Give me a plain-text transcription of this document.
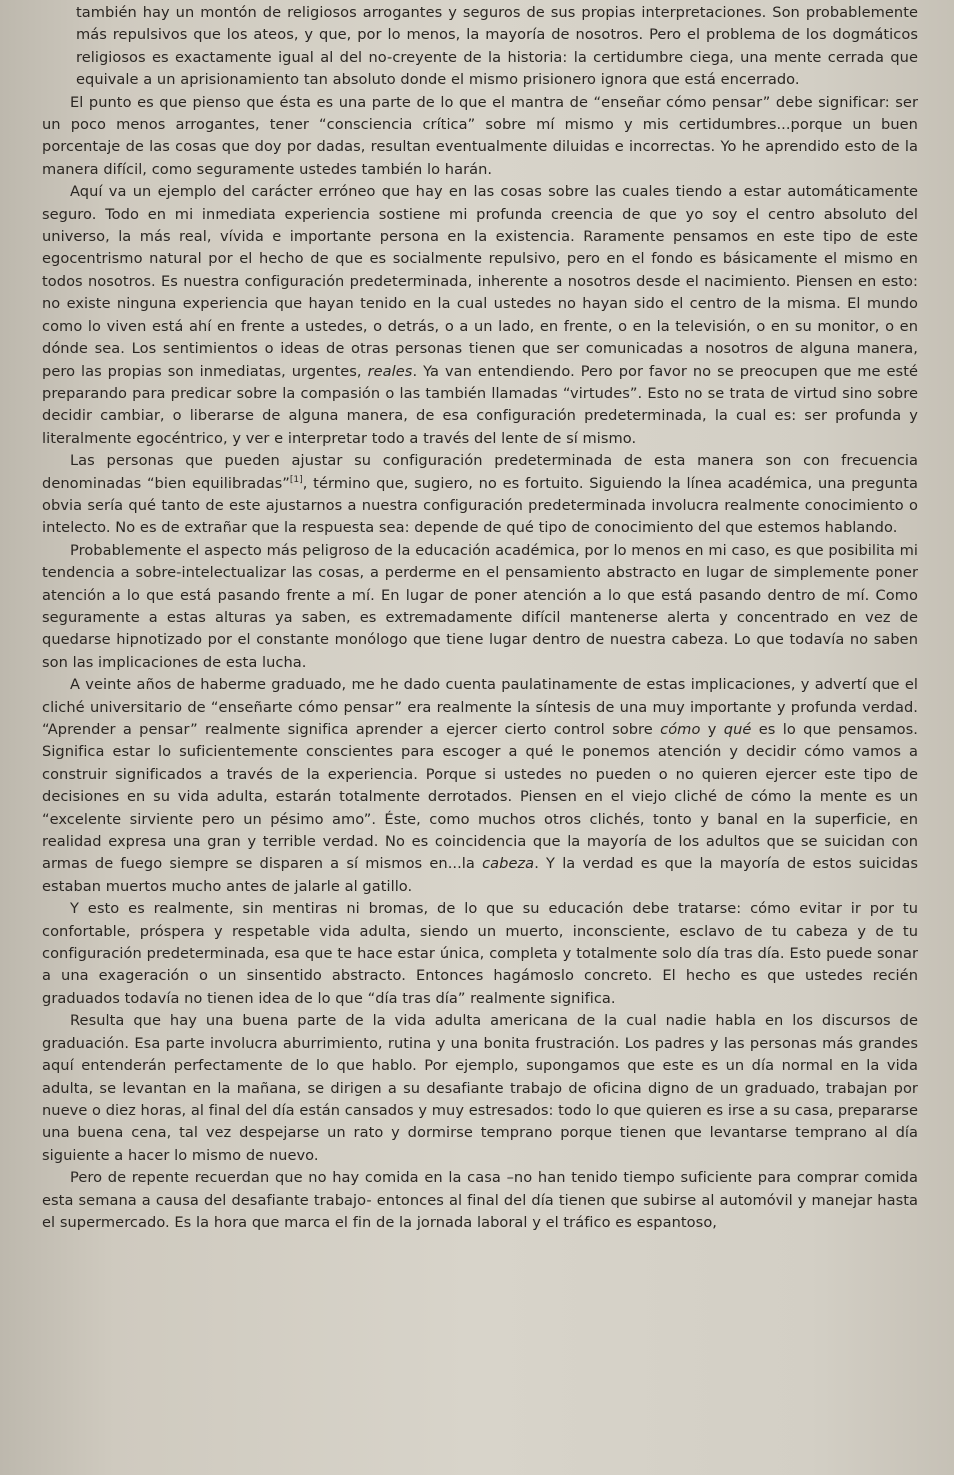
también hay un montón de religiosos arrogantes y seguros de sus propias interpretaciones. Son probablemente más repulsivos que los ateos, y que, por lo menos, la mayoría de nosotros. Pero el problema de los dogmáticos religiosos es exactamente igual al del no-creyente de la historia: la certidumbre ciega, una mente cerrada que equivale a un aprisionamiento tan absoluto donde el mismo prisionero ignora que está encerrado.

El punto es que pienso que ésta es una parte de lo que el mantra de “enseñar cómo pensar” debe significar: ser un poco menos arrogantes, tener “consciencia crítica” sobre mí mismo y mis certidumbres...porque un buen porcentaje de las cosas que doy por dadas, resultan eventualmente diluidas e incorrectas. Yo he aprendido esto de la manera difícil, como seguramente ustedes también lo harán.

Aquí va un ejemplo del carácter erróneo que hay en las cosas sobre las cuales tiendo a estar automáticamente seguro. Todo en mi inmediata experiencia sostiene mi profunda creencia de que yo soy el centro absoluto del universo, la más real, vívida e importante persona en la existencia. Raramente pensamos en este tipo de este egocentrismo natural por el hecho de que es socialmente repulsivo, pero en el fondo es básicamente el mismo en todos nosotros. Es nuestra configuración predeterminada, inherente a nosotros desde el nacimiento. Piensen en esto: no existe ninguna experiencia que hayan tenido en la cual ustedes no hayan sido el centro de la misma. El mundo como lo viven está ahí en frente a ustedes, o detrás, o a un lado, en frente, o en la televisión, o en su monitor, o en dónde sea. Los sentimientos o ideas de otras personas tienen que ser comunicadas a nosotros de alguna manera, pero las propias son inmediatas, urgentes, reales. Ya van entendiendo. Pero por favor no se preocupen que me esté preparando para predicar sobre la compasión o las también llamadas “virtudes”. Esto no se trata de virtud sino sobre decidir cambiar, o liberarse de alguna manera, de esa configuración predeterminada, la cual es: ser profunda y literalmente egocéntrico, y ver e interpretar todo a través del lente de sí mismo.

Las personas que pueden ajustar su configuración predeterminada de esta manera son con frecuencia denominadas “bien equilibradas”[1], término que, sugiero, no es fortuito. Siguiendo la línea académica, una pregunta obvia sería qué tanto de este ajustarnos a nuestra configuración predeterminada involucra realmente conocimiento o intelecto. No es de extrañar que la respuesta sea: depende de qué tipo de conocimiento del que estemos hablando.

Probablemente el aspecto más peligroso de la educación académica, por lo menos en mi caso, es que posibilita mi tendencia a sobre-intelectualizar las cosas, a perderme en el pensamiento abstracto en lugar de simplemente poner atención a lo que está pasando frente a mí. En lugar de poner atención a lo que está pasando dentro de mí. Como seguramente a estas alturas ya saben, es extremadamente difícil mantenerse alerta y concentrado en vez de quedarse hipnotizado por el constante monólogo que tiene lugar dentro de nuestra cabeza. Lo que todavía no saben son las implicaciones de esta lucha.

A veinte años de haberme graduado, me he dado cuenta paulatinamente de estas implicaciones, y advertí que el cliché universitario de “enseñarte cómo pensar” era realmente la síntesis de una muy importante y profunda verdad. “Aprender a pensar” realmente significa aprender a ejercer cierto control sobre cómo y qué es lo que pensamos. Significa estar lo suficientemente conscientes para escoger a qué le ponemos atención y decidir cómo vamos a construir significados a través de la experiencia. Porque si ustedes no pueden o no quieren ejercer este tipo de decisiones en su vida adulta, estarán totalmente derrotados. Piensen en el viejo cliché de cómo la mente es un “excelente sirviente pero un pésimo amo”. Éste, como muchos otros clichés, tonto y banal en la superficie, en realidad expresa una gran y terrible verdad. No es coincidencia que la mayoría de los adultos que se suicidan con armas de fuego siempre se disparen a sí mismos en...la cabeza. Y la verdad es que la mayoría de estos suicidas estaban muertos mucho antes de jalarle al gatillo.

Y esto es realmente, sin mentiras ni bromas, de lo que su educación debe tratarse: cómo evitar ir por tu confortable, próspera y respetable vida adulta, siendo un muerto, inconsciente, esclavo de tu cabeza y de tu configuración predeterminada, esa que te hace estar única, completa y totalmente solo día tras día. Esto puede sonar a una exageración o un sinsentido abstracto. Entonces hagámoslo concreto. El hecho es que ustedes recién graduados todavía no tienen idea de lo que “día tras día” realmente significa.

Resulta que hay una buena parte de la vida adulta americana de la cual nadie habla en los discursos de graduación. Esa parte involucra aburrimiento, rutina y una bonita frustración. Los padres y las personas más grandes aquí entenderán perfectamente de lo que hablo. Por ejemplo, supongamos que este es un día normal en la vida adulta, se levantan en la mañana, se dirigen a su desafiante trabajo de oficina digno de un graduado, trabajan por nueve o diez horas, al final del día están cansados y muy estresados: todo lo que quieren es irse a su casa, prepararse una buena cena, tal vez despejarse un rato y dormirse temprano porque tienen que levantarse temprano al día siguiente a hacer lo mismo de nuevo.

Pero de repente recuerdan que no hay comida en la casa –no han tenido tiempo suficiente para comprar comida esta semana a causa del desafiante trabajo- entonces al final del día tienen que subirse al automóvil y manejar hasta el supermercado. Es la hora que marca el fin de la jornada laboral y el tráfico es espantoso,
